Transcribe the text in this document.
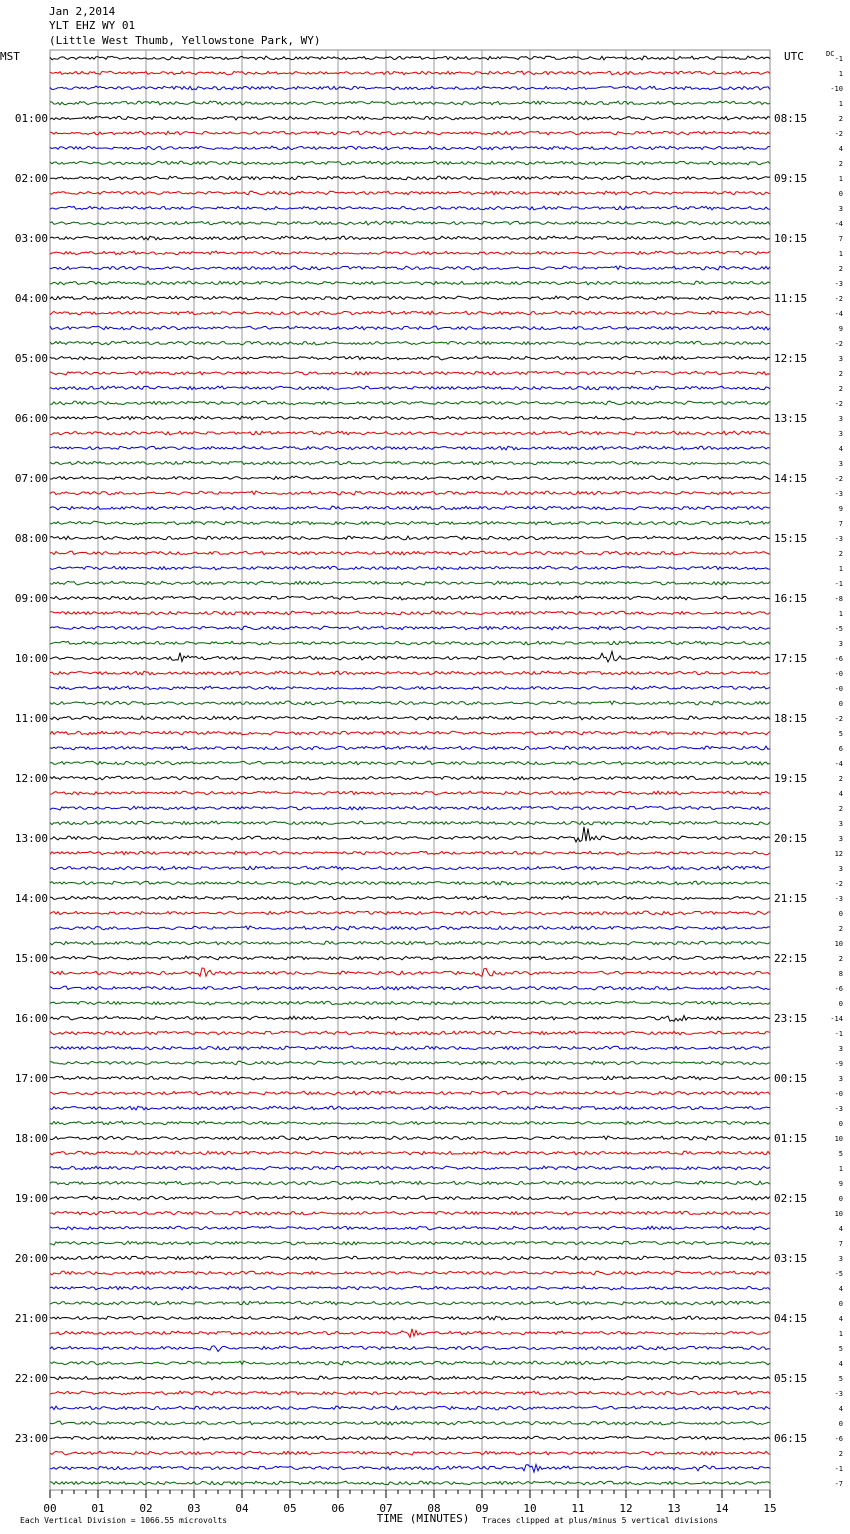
Jan 2,2014
YLT EHZ WY 01
(Little West Thumb, Yellowstone Park, WY)
-1
1
-10
1
2
-2
4
2
1
0
3
-4
7
1
2
-3
-2
-4
9
-2
3
2
2
-2
3
3
4
3
-2
-3
9
7
-3
2
1
-1
-8
1
-5
3
-6
-0
-0
0
-2
5
6
-4
2
4
2
3
3
12
3
-2
-3
0
2
10
2
8
-6
0
-14
-1
3
-9
3
-0
-3
0
10
5
1
9
0
10
4
7
3
-5
4
0
4
1
5
4
5
-3
4
0
-6
2
-1
-7
01:00
02:00
03:00
04:00
05:00
06:00
07:00
08:00
09:00
10:00
11:00
12:00
13:00
14:00
15:00
16:00
17:00
18:00
19:00
20:00
21:00
22:00
23:00
08:15
09:15
10:15
11:15
12:15
13:15
14:15
15:15
16:15
17:15
18:15
19:15
20:15
21:15
22:15
23:15
00:15
01:15
02:15
03:15
04:15
05:15
06:15
MST	UTC	DC
00	01	02	03	04	05	06	07	08	09	10	11	12	13	14	15
Each Vertical Division = 1066.55 microvolts	TIME (MINUTES) Traces clipped at plus/minus 5 vertical divisions
